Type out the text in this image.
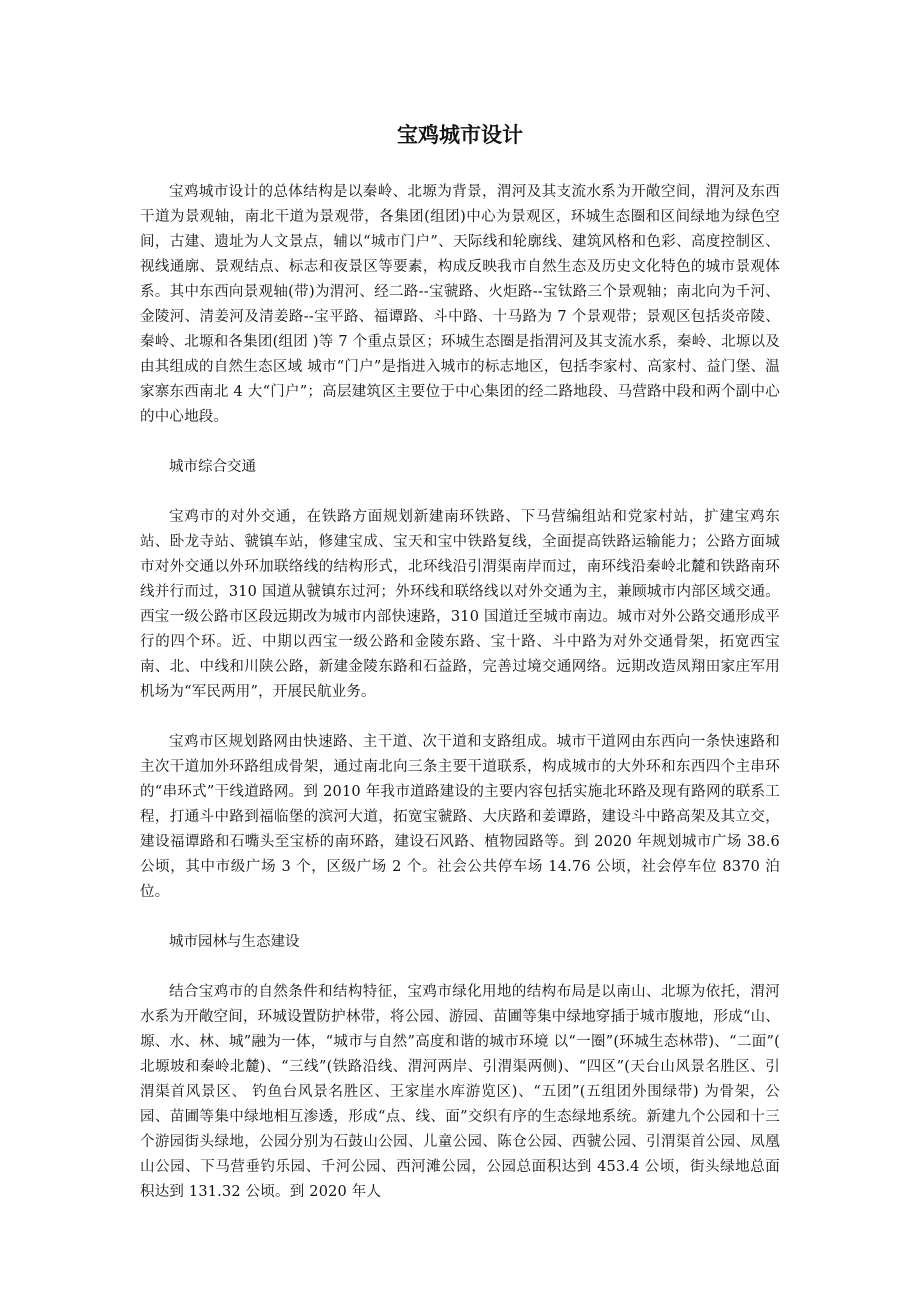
宝鸡城市设计

宝鸡城市设计的总体结构是以秦岭、北塬为背景，渭河及其支流水系为开敞空间，渭河及东西干道为景观轴，南北干道为景观带，各集团(组团)中心为景观区，环城生态圈和区间绿地为绿色空间，古建、遗址为人文景点，辅以“城市门户”、天际线和轮廓线、建筑风格和色彩、高度控制区、视线通廓、景观结点、标志和夜景区等要素，构成反映我市自然生态及历史文化特色的城市景观体系。其中东西向景观轴(带)为渭河、经二路--宝虢路、火炬路--宝钛路三个景观轴；南北向为千河、金陵河、清姜河及清姜路--宝平路、福谭路、斗中路、十马路为 7 个景观带；景观区包括炎帝陵、秦岭、北塬和各集团(组团 )等 7 个重点景区；环城生态圈是指渭河及其支流水系，秦岭、北塬以及由其组成的自然生态区域 城市“门户”是指进入城市的标志地区，包括李家村、高家村、益门堡、温家寨东西南北 4 大“门户”；高层建筑区主要位于中心集团的经二路地段、马营路中段和两个副中心的中心地段。

城市综合交通

宝鸡市的对外交通，在铁路方面规划新建南环铁路、下马营编组站和党家村站，扩建宝鸡东站、卧龙寺站、虢镇车站，修建宝成、宝天和宝中铁路复线，全面提高铁路运输能力；公路方面城市对外交通以外环加联络线的结构形式，北环线沿引渭渠南岸而过，南环线沿秦岭北麓和铁路南环线并行而过，310 国道从虢镇东过河；外环线和联络线以对外交通为主，兼顾城市内部区域交通。西宝一级公路市区段远期改为城市内部快速路，310 国道迁至城市南边。城市对外公路交通形成平行的四个环。近、中期以西宝一级公路和金陵东路、宝十路、斗中路为对外交通骨架，拓宽西宝南、北、中线和川陕公路，新建金陵东路和石益路，完善过境交通网络。远期改造凤翔田家庄军用机场为“军民两用”，开展民航业务。

宝鸡市区规划路网由快速路、主干道、次干道和支路组成。城市干道网由东西向一条快速路和主次干道加外环路组成骨架，通过南北向三条主要干道联系，构成城市的大外环和东西四个主串环的“串环式”干线道路网。到 2010 年我市道路建设的主要内容包括实施北环路及现有路网的联系工程，打通斗中路到福临堡的滨河大道，拓宽宝虢路、大庆路和姜谭路，建设斗中路高架及其立交，建设福谭路和石嘴头至宝桥的南环路，建设石风路、植物园路等。到 2020 年规划城市广场 38.6 公顷，其中市级广场 3 个，区级广场 2 个。社会公共停车场 14.76 公顷，社会停车位 8370 泊位。

城市园林与生态建设

结合宝鸡市的自然条件和结构特征，宝鸡市绿化用地的结构布局是以南山、北塬为依托，渭河水系为开敞空间，环城设置防护林带，将公园、游园、苗圃等集中绿地穿插于城市腹地，形成“山、塬、水、林、城”融为一体，“城市与自然”高度和谐的城市环境 以“一圈”(环城生态林带)、“二面”( 北塬坡和秦岭北麓)、“三线”(铁路沿线、渭河两岸、引渭渠两侧)、“四区”(天台山风景名胜区、引渭渠首风景区、 钓鱼台风景名胜区、王家崖水库游览区)、“五团”(五组团外围绿带) 为骨架，公园、苗圃等集中绿地相互渗透，形成“点、线、面”交织有序的生态绿地系统。新建九个公园和十三个游园街头绿地，公园分别为石鼓山公园、儿童公园、陈仓公园、西虢公园、引渭渠首公园、凤凰山公园、下马营垂钓乐园、千河公园、西河滩公园，公园总面积达到 453.4 公顷，街头绿地总面积达到 131.32 公顷。到 2020 年人
